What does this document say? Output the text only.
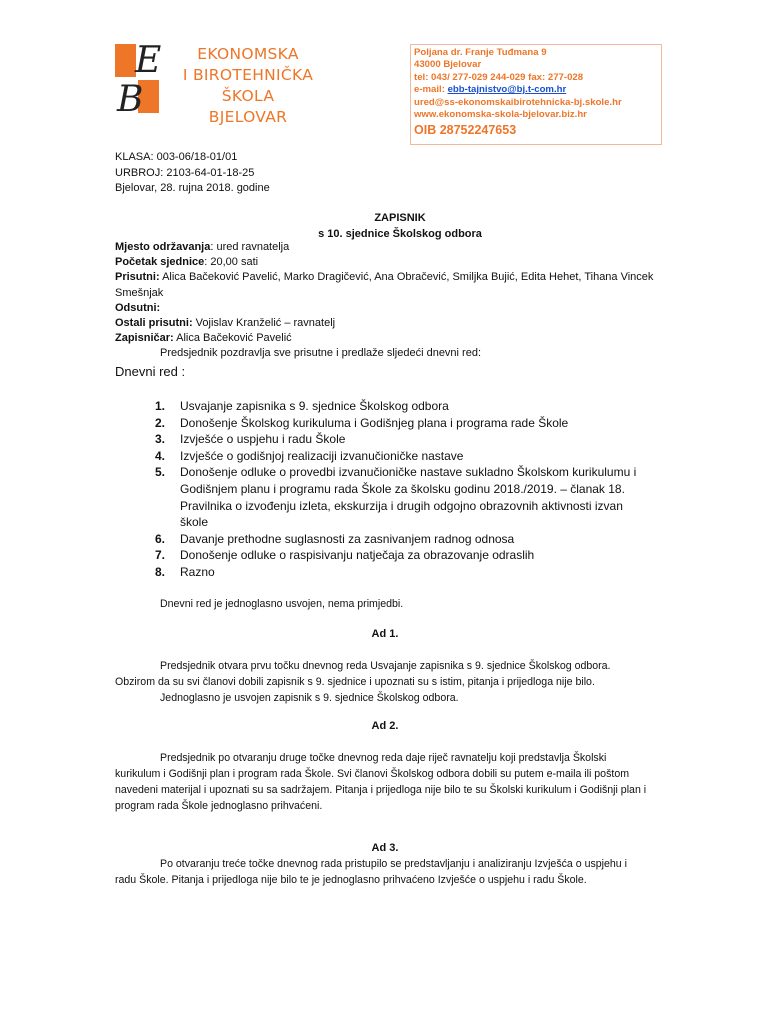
E
B
EKONOMSKA
I BIROTEHNIČKA ŠKOLA
BJELOVAR
Poljana dr. Franje Tuđmana 9
43000 Bjelovar
tel: 043/ 277-029 244-029 fax: 277-028
e-mail: ebb-tajnistvo@bj.t-com.hr
ured@ss-ekonomskaibirotehnicka-bj.skole.hr
www.ekonomska-skola-bjelovar.biz.hr
OIB 28752247653
KLASA: 003-06/18-01/01
URBROJ: 2103-64-01-18-25
Bjelovar, 28. rujna 2018. godine
ZAPISNIK
s 10. sjednice Školskog odbora
Mjesto održavanja: ured ravnatelja
Početak sjednice: 20,00 sati
Prisutni: Alica Bačeković Pavelić, Marko Dragičević, Ana Obračević, Smiljka Bujić, Edita Hehet, Tihana Vincek Smešnjak
Odsutni:
Ostali prisutni: Vojislav Kranželić – ravnatelj
Zapisničar: Alica Bačeković Pavelić
Predsjednik pozdravlja sve prisutne i predlaže sljedeći dnevni red:
Dnevni red :
1.	Usvajanje zapisnika s 9. sjednice Školskog odbora
2.	Donošenje Školskog kurikuluma i Godišnjeg plana i programa rade Škole
3.	Izvješće o uspjehu i radu Škole
4.	Izvješće o godišnjoj realizaciji izvanučioničke nastave
5.	Donošenje odluke o provedbi izvanučioničke nastave sukladno Školskom kurikulumu i Godišnjem planu i programu rada Škole za školsku godinu 2018./2019. – članak 18. Pravilnika o izvođenju izleta, ekskurzija i drugih odgojno obrazovnih aktivnosti izvan škole
6.	Davanje prethodne suglasnosti za zasnivanjem radnog odnosa
7.	Donošenje odluke o raspisivanju natječaja za obrazovanje odraslih
8.	Razno
Dnevni red je jednoglasno usvojen, nema primjedbi.
Ad 1.
Predsjednik otvara prvu točku dnevnog reda Usvajanje zapisnika s 9. sjednice Školskog odbora.
Obzirom da su svi članovi dobili zapisnik s 9. sjednice i upoznati su s istim, pitanja i prijedloga nije bilo.
Jednoglasno je usvojen zapisnik s 9. sjednice Školskog odbora.
Ad 2.
Predsjednik po otvaranju druge točke dnevnog reda daje riječ ravnatelju koji predstavlja Školski
kurikulum i Godišnji plan i program rada Škole. Svi članovi Školskog odbora dobili su putem e-maila ili poštom
navedeni materijal i upoznati su sa sadržajem. Pitanja i prijedloga nije bilo te su Školski kurikulum i Godišnji plan i
program rada Škole jednoglasno prihvaćeni.
Ad 3.
Po otvaranju treće točke dnevnog rada pristupilo se predstavljanju i analiziranju Izvješća o uspjehu i
radu Škole. Pitanja i prijedloga nije bilo te je jednoglasno prihvaćeno Izvješće o uspjehu i radu Škole.
